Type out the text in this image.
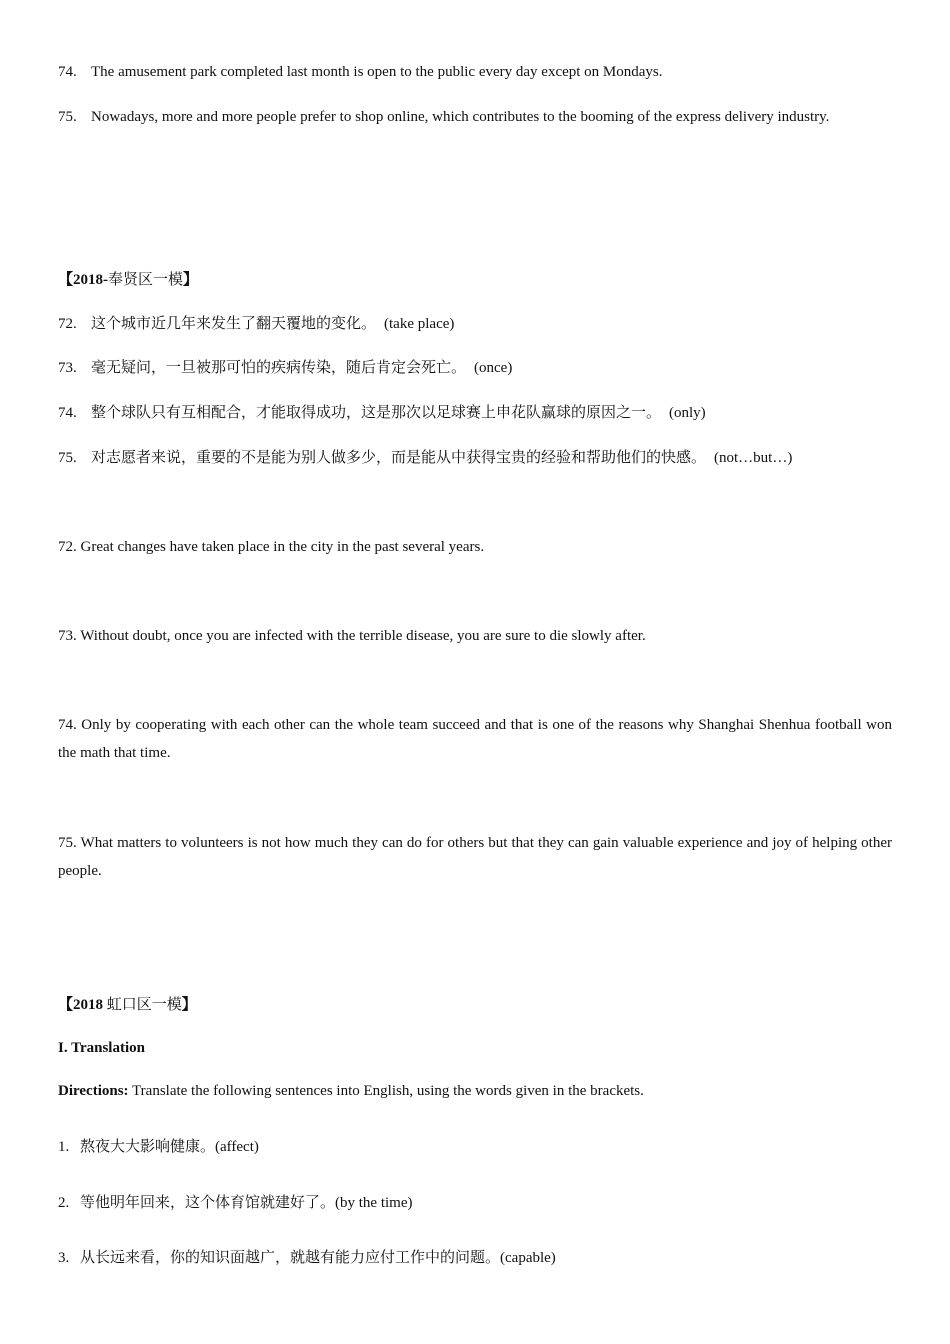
74. The amusement park completed last month is open to the public every day except on Mondays.
75. Nowadays, more and more people prefer to shop online, which contributes to the booming of the express delivery industry.
【2018-奉贤区一模】
72. 这个城市近几年来发生了翻天覆地的变化。 (take place)
73. 毫无疑问，一旦被那可怕的疾病传染，随后肯定会死亡。 (once)
74. 整个球队只有互相配合，才能取得成功，这是那次以足球赛上申花队赢球的原因之一。 (only)
75. 对志愿者来说，重要的不是能为别人做多少，而是能从中获得宝贵的经验和帮助他们的快感。 (not…but…)
72. Great changes have taken place in the city in the past several years.
73. Without doubt, once you are infected with the terrible disease, you are sure to die slowly after.
74. Only by cooperating with each other can the whole team succeed and that is one of the reasons why Shanghai Shenhua football won the math that time.
75. What matters to volunteers is not how much they can do for others but that they can gain valuable experience and joy of helping other people.
【2018 虹口区一模】
I. Translation
Directions: Translate the following sentences into English, using the words given in the brackets.
1. 熬夜大大影响健康。(affect)
2. 等他明年回来，这个体育馆就建好了。(by the time)
3. 从长远来看，你的知识面越广，就越有能力应付工作中的问题。(capable)
